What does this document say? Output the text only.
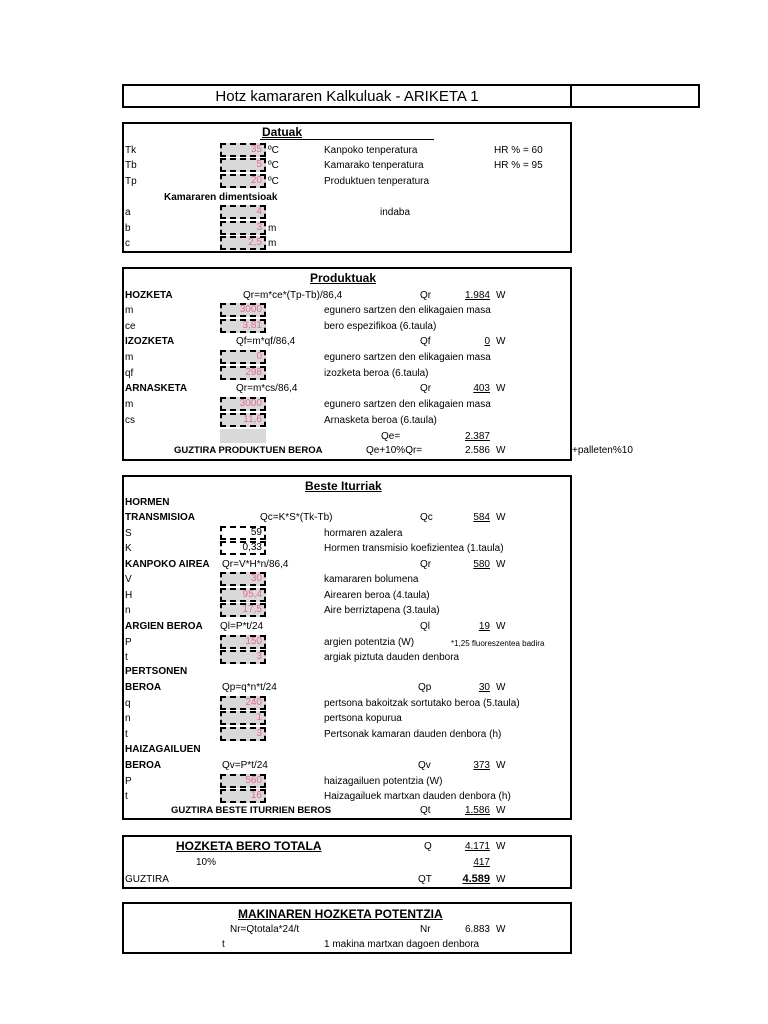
Hotz kamararen Kalkuluak - ARIKETA 1
Datuak
Tk	35 ºC	Kanpoko tenperatura	HR % = 60
Tb	5 ºC	Kamarako tenperatura	HR % = 95
Tp	20 ºC	Produktuen tenperatura
Kamararen dimentsioak
a	4	indaba
b	3 m
c	2,5 m
Produktuak
HOZKETA	Qr=m*ce*(Tp-Tb)/86,4	Qr	1.984 W
m	3000	egunero sartzen den elikagaien masa
ce	3,81	bero espezifikoa (6.taula)
IZOZKETA	Qf=m*qf/86,4	Qf	0 W
m	0	egunero sartzen den elikagaien masa
qf	298	izozketa beroa (6.taula)
ARNASKETA	Qr=m*cs/86,4	Qr	403 W
m	3000	egunero sartzen den elikagaien masa
cs	11,6	Arnasketa beroa (6.taula)
Qe=	2.387
GUZTIRA PRODUKTUEN BEROA	Qe+10%Qr=	2.586 W	+palleten%10
Beste Iturriak
HORMEN
TRANSMISIOA	Qc=K*S*(Tk-Tb)	Qc	584 W
S	59	hormaren azalera
K	0,33	Hormen transmisio koefizientea (1.taula)
KANPOKO AIREA Qr=V*H*n/86,4	Qr	580 W
V	30	kamararen bolumena
H	95,4	Airearen beroa (4.taula)
n	17,5	Aire berriztapena (3.taula)
ARGIEN BEROA Ql=P*t/24	Ql	19 W
P	150	argien potentzia (W)	*1,25 fluoreszentea badira
t	3	argiak piztuta dauden denbora
PERTSONEN
BEROA	Qp=q*n*t/24	Qp	30 W
q	240	pertsona bakoitzak sortutako beroa (5.taula)
n	1	pertsona kopurua
t	3	Pertsonak kamaran dauden denbora (h)
HAIZAGAILUEN
BEROA	Qv=P*t/24	Qv	373 W
P	560	haizagailuen potentzia (W)
t	16	Haizagailuek martxan dauden denbora (h)
GUZTIRA BESTE ITURRIEN BEROS	Qt	1.586 W
HOZKETA BERO TOTALA	Q	4.171 W
10%	417
GUZTIRA	QT	4.589 W
MAKINAREN HOZKETA POTENTZIA
Nr=Qtotala*24/t	Nr	6.883 W
t	1 makina martxan dagoen denbora
